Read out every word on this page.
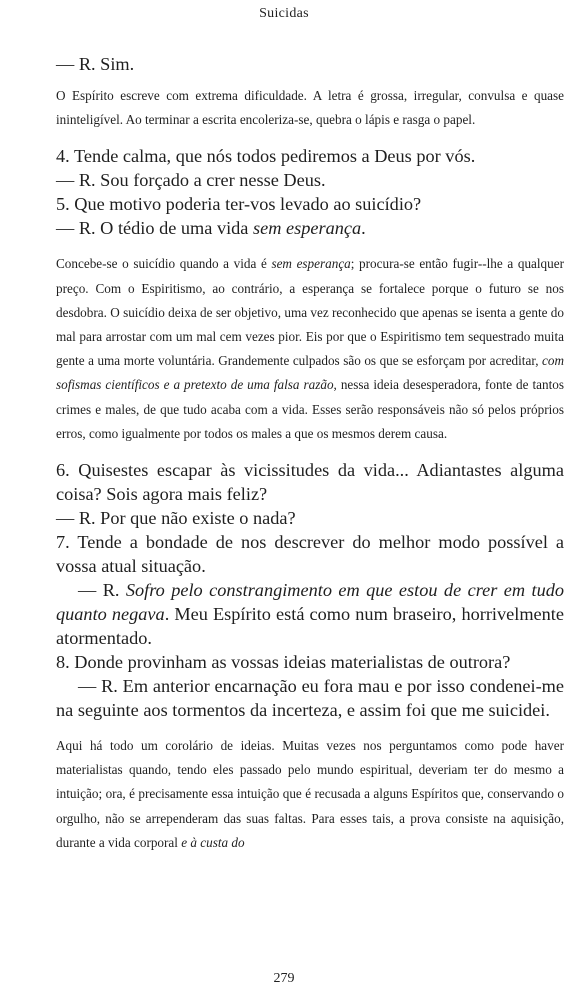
Suicidas

— R. Sim.

O Espírito escreve com extrema dificuldade. A letra é grossa, irregular, convulsa e quase ininteligível. Ao terminar a escrita encoleriza-se, quebra o lápis e rasga o papel.

4. Tende calma, que nós todos pediremos a Deus por vós.

— R. Sou forçado a crer nesse Deus.

5. Que motivo poderia ter-vos levado ao suicídio?

— R. O tédio de uma vida sem esperança.

Concebe-se o suicídio quando a vida é sem esperança; procura-se então fugir--lhe a qualquer preço. Com o Espiritismo, ao contrário, a esperança se fortalece porque o futuro se nos desdobra. O suicídio deixa de ser objetivo, uma vez reconhecido que apenas se isenta a gente do mal para arrostar com um mal cem vezes pior. Eis por que o Espiritismo tem sequestrado muita gente a uma morte voluntária. Grandemente culpados são os que se esforçam por acreditar, com sofismas científicos e a pretexto de uma falsa razão, nessa ideia desesperadora, fonte de tantos crimes e males, de que tudo acaba com a vida. Esses serão responsáveis não só pelos próprios erros, como igualmente por todos os males a que os mesmos derem causa.

6. Quisestes escapar às vicissitudes da vida... Adiantastes alguma coisa? Sois agora mais feliz?

— R. Por que não existe o nada?

7. Tende a bondade de nos descrever do melhor modo possível a vossa atual situação.

— R. Sofro pelo constrangimento em que estou de crer em tudo quanto negava. Meu Espírito está como num braseiro, horrivelmente atormentado.

8. Donde provinham as vossas ideias materialistas de outrora?

— R. Em anterior encarnação eu fora mau e por isso condenei-me na seguinte aos tormentos da incerteza, e assim foi que me suicidei.

Aqui há todo um corolário de ideias. Muitas vezes nos perguntamos como pode haver materialistas quando, tendo eles passado pelo mundo espiritual, deveriam ter do mesmo a intuição; ora, é precisamente essa intuição que é recusada a alguns Espíritos que, conservando o orgulho, não se arrependeram das suas faltas. Para esses tais, a prova consiste na aquisição, durante a vida corporal e à custa do

279
